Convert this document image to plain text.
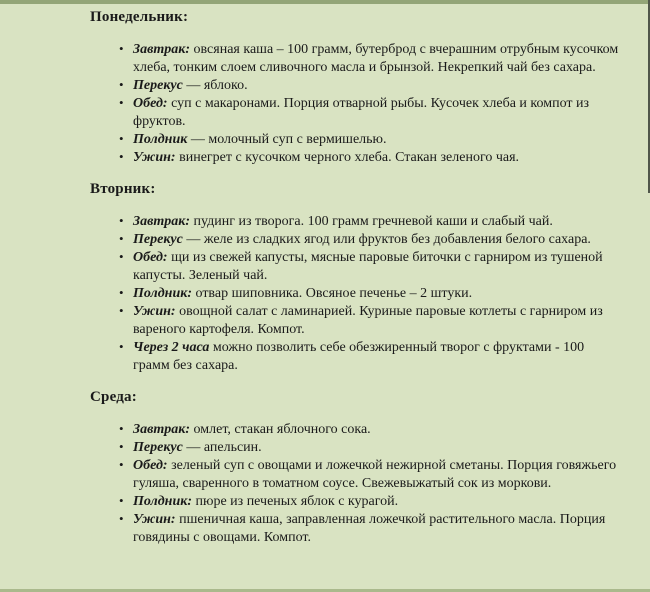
Понедельник:
• Завтрак: овсяная каша – 100 грамм, бутерброд с вчерашним отрубным кусочком хлеба, тонким слоем сливочного масла и брынзой. Некрепкий чай без сахара.
• Перекус — яблоко.
• Обед: суп с макаронами. Порция отварной рыбы. Кусочек хлеба и компот из фруктов.
• Полдник — молочный суп с вермишелью.
• Ужин: винегрет с кусочком черного хлеба. Стакан зеленого чая.
Вторник:
• Завтрак: пудинг из творога. 100 грамм гречневой каши и слабый чай.
• Перекус — желе из сладких ягод или фруктов без добавления белого сахара.
• Обед: щи из свежей капусты, мясные паровые биточки с гарниром из тушеной капусты. Зеленый чай.
• Полдник: отвар шиповника. Овсяное печенье – 2 штуки.
• Ужин: овощной салат с ламинарией. Куриные паровые котлеты с гарниром из вареного картофеля. Компот.
• Через 2 часа можно позволить себе обезжиренный творог с фруктами - 100 грамм без сахара.
Среда:
• Завтрак: омлет, стакан яблочного сока.
• Перекус — апельсин.
• Обед: зеленый суп с овощами и ложечкой нежирной сметаны. Порция говяжьего гуляша, сваренного в томатном соусе. Свежевыжатый сок из моркови.
• Полдник: пюре из печеных яблок с курагой.
• Ужин: пшеничная каша, заправленная ложечкой растительного масла. Порция говядины с овощами. Компот.
